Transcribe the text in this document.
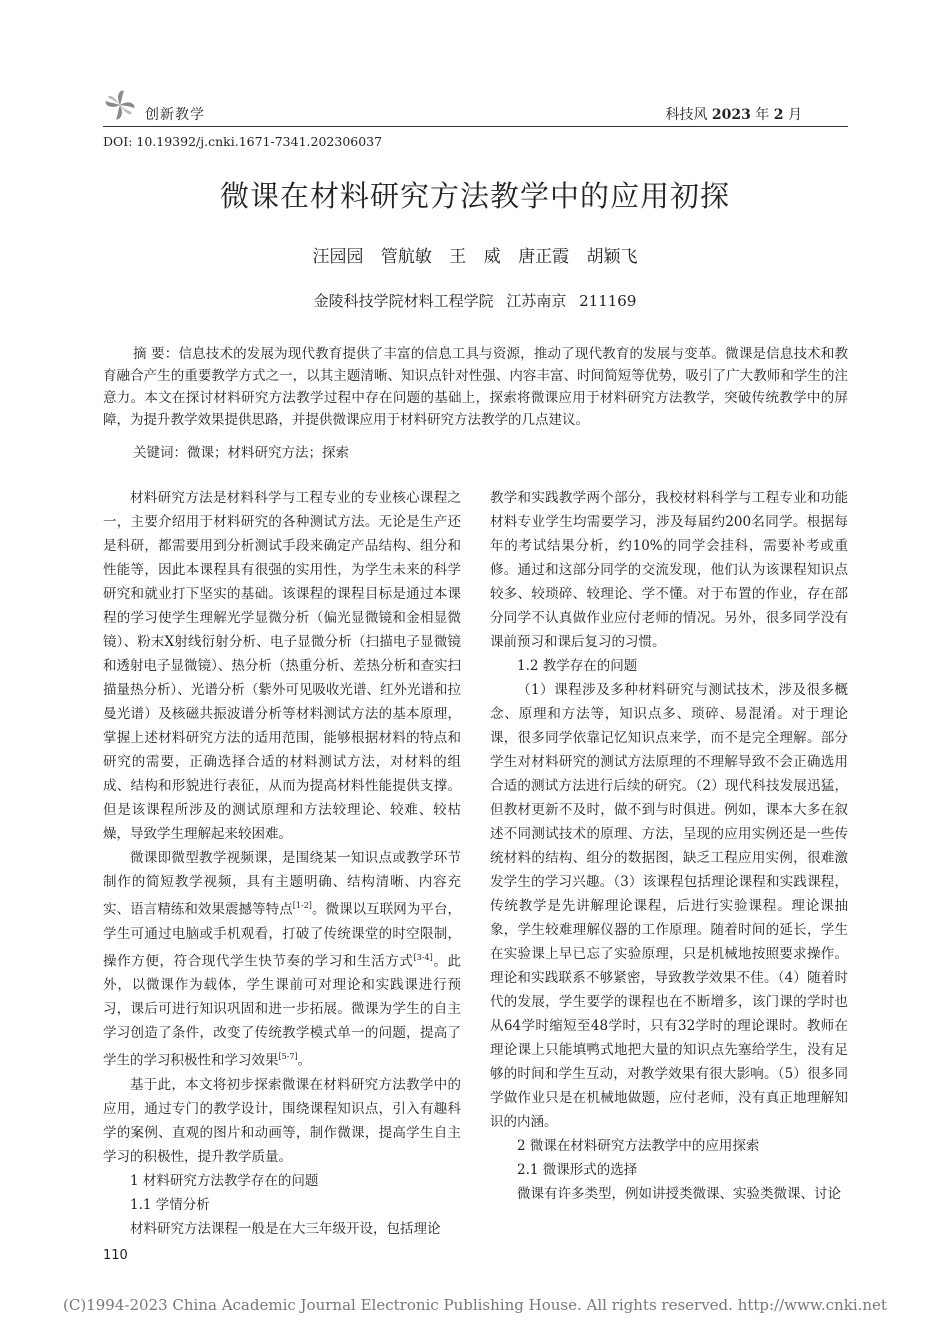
创新教学	科技风 2023 年 2 月
DOI: 10.19392/j.cnki.1671-7341.202306037
微课在材料研究方法教学中的应用初探
汪园园 管航敏 王 威 唐正霞 胡颖飞
金陵科技学院材料工程学院 江苏南京 211169
摘 要：信息技术的发展为现代教育提供了丰富的信息工具与资源，推动了现代教育的发展与变革。微课是信息技术和教育融合产生的重要教学方式之一，以其主题清晰、知识点针对性强、内容丰富、时间简短等优势，吸引了广大教师和学生的注意力。本文在探讨材料研究方法教学过程中存在问题的基础上，探索将微课应用于材料研究方法教学，突破传统教学中的屏障，为提升教学效果提供思路，并提供微课应用于材料研究方法教学的几点建议。
关键词：微课；材料研究方法；探索

材料研究方法是材料科学与工程专业的专业核心课程之一，主要介绍用于材料研究的各种测试方法。无论是生产还是科研，都需要用到分析测试手段来确定产品结构、组分和性能等，因此本课程具有很强的实用性，为学生未来的科学研究和就业打下坚实的基础。该课程的课程目标是通过本课程的学习使学生理解光学显微分析（偏光显微镜和金相显微镜）、粉末X射线衍射分析、电子显微分析（扫描电子显微镜和透射电子显微镜）、热分析（热重分析、差热分析和查实扫描量热分析）、光谱分析（紫外可见吸收光谱、红外光谱和拉曼光谱）及核磁共振波谱分析等材料测试方法的基本原理，掌握上述材料研究方法的适用范围，能够根据材料的特点和研究的需要，正确选择合适的材料测试方法，对材料的组成、结构和形貌进行表征，从而为提高材料性能提供支撑。但是该课程所涉及的测试原理和方法较理论、较难、较枯燥，导致学生理解起来较困难。

微课即微型教学视频课，是围绕某一知识点或教学环节制作的简短教学视频，具有主题明确、结构清晰、内容充实、语言精练和效果震撼等特点[1-2]。微课以互联网为平台，学生可通过电脑或手机观看，打破了传统课堂的时空限制，操作方便，符合现代学生快节奏的学习和生活方式[3-4]。此外，以微课作为载体，学生课前可对理论和实践课进行预习，课后可进行知识巩固和进一步拓展。微课为学生的自主学习创造了条件，改变了传统教学模式单一的问题，提高了学生的学习积极性和学习效果[5-7]。

基于此，本文将初步探索微课在材料研究方法教学中的应用，通过专门的教学设计，围绕课程知识点，引入有趣科学的案例、直观的图片和动画等，制作微课，提高学生自主学习的积极性，提升教学质量。

1 材料研究方法教学存在的问题
1.1 学情分析

材料研究方法课程一般是在大三年级开设，包括理论

教学和实践教学两个部分，我校材料科学与工程专业和功能材料专业学生均需要学习，涉及每届约200名同学。根据每年的考试结果分析，约10%的同学会挂科，需要补考或重修。通过和这部分同学的交流发现，他们认为该课程知识点较多、较琐碎、较理论、学不懂。对于布置的作业，存在部分同学不认真做作业应付老师的情况。另外，很多同学没有课前预习和课后复习的习惯。

1.2 教学存在的问题

（1）课程涉及多种材料研究与测试技术，涉及很多概念、原理和方法等，知识点多、琐碎、易混淆。对于理论课，很多同学依靠记忆知识点来学，而不是完全理解。部分学生对材料研究的测试方法原理的不理解导致不会正确选用合适的测试方法进行后续的研究。（2）现代科技发展迅猛，但教材更新不及时，做不到与时俱进。例如，课本大多在叙述不同测试技术的原理、方法，呈现的应用实例还是一些传统材料的结构、组分的数据图，缺乏工程应用实例，很难激发学生的学习兴趣。（3）该课程包括理论课程和实践课程，传统教学是先讲解理论课程，后进行实验课程。理论课抽象，学生较难理解仪器的工作原理。随着时间的延长，学生在实验课上早已忘了实验原理，只是机械地按照要求操作。理论和实践联系不够紧密，导致教学效果不佳。（4）随着时代的发展，学生要学的课程也在不断增多，该门课的学时也从64学时缩短至48学时，只有32学时的理论课时。教师在理论课上只能填鸭式地把大量的知识点先塞给学生，没有足够的时间和学生互动，对教学效果有很大影响。（5）很多同学做作业只是在机械地做题，应付老师，没有真正地理解知识的内涵。

2 微课在材料研究方法教学中的应用探索
2.1 微课形式的选择

微课有许多类型，例如讲授类微课、实验类微课、讨论

110
(C)1994-2023 China Academic Journal Electronic Publishing House. All rights reserved. http://www.cnki.net
